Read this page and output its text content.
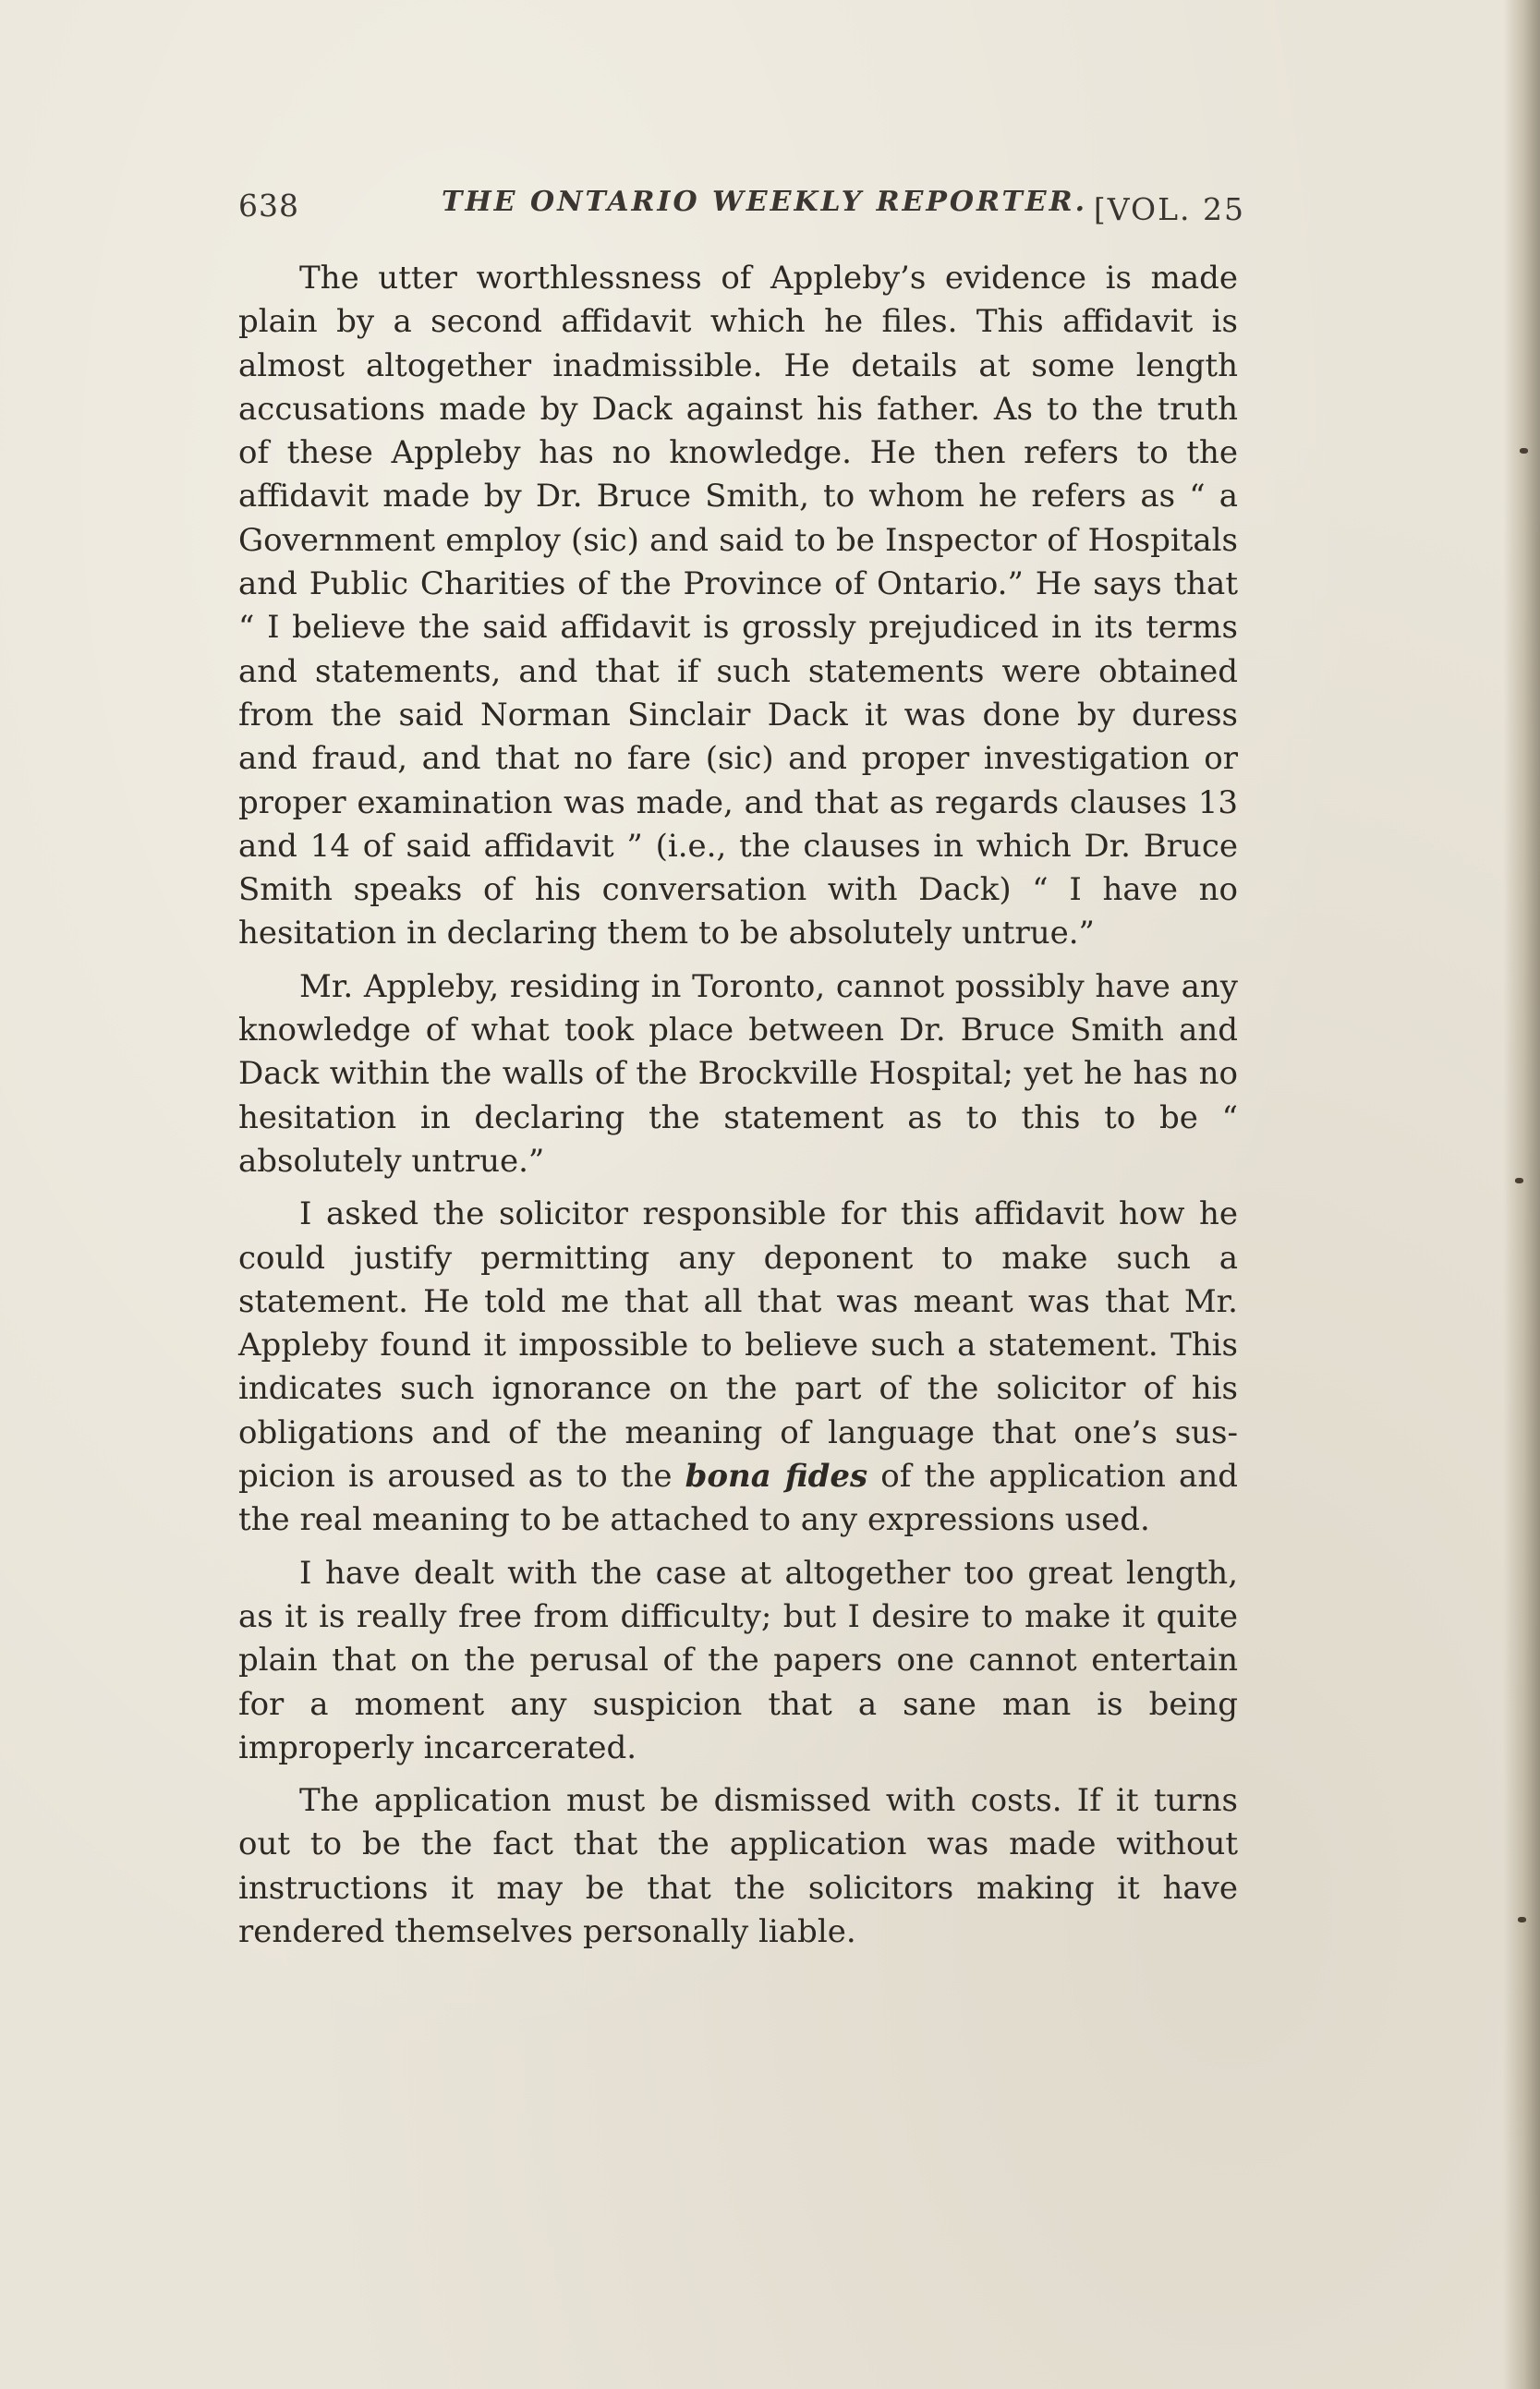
638	THE ONTARIO WEEKLY REPORTER. [VOL. 25

The utter worthlessness of Appleby’s evidence is made plain by a second affidavit which he files. This affidavit is almost altogether inadmissible. He details at some length accusations made by Dack against his father. As to the truth of these Appleby has no knowledge. He then refers to the affidavit made by Dr. Bruce Smith, to whom he refers as “ a Government employ (sic) and said to be Inspector of Hospitals and Public Charities of the Province of Ontario.” He says that “ I believe the said affidavit is grossly prejudiced in its terms and statements, and that if such statements were obtained from the said Norman Sinclair Dack it was done by duress and fraud, and that no fare (sic) and proper investigation or proper examination was made, and that as regards clauses 13 and 14 of said affidavit ” (i.e., the clauses in which Dr. Bruce Smith speaks of his conversation with Dack) “ I have no hesitation in declaring them to be absolutely untrue.”

Mr. Appleby, residing in Toronto, cannot possibly have any knowledge of what took place between Dr. Bruce Smith and Dack within the walls of the Brockville Hospital; yet he has no hesitation in declaring the statement as to this to be “ absolutely untrue.”

I asked the solicitor responsible for this affidavit how he could justify permitting any deponent to make such a statement. He told me that all that was meant was that Mr. Appleby found it impossible to believe such a statement. This indicates such ignorance on the part of the solicitor of his obligations and of the meaning of language that one’s suspicion is aroused as to the bona fides of the application and the real meaning to be attached to any expressions used.

I have dealt with the case at altogether too great length, as it is really free from difficulty; but I desire to make it quite plain that on the perusal of the papers one cannot entertain for a moment any suspicion that a sane man is being improperly incarcerated.

The application must be dismissed with costs. If it turns out to be the fact that the application was made without instructions it may be that the solicitors making it have rendered themselves personally liable.
